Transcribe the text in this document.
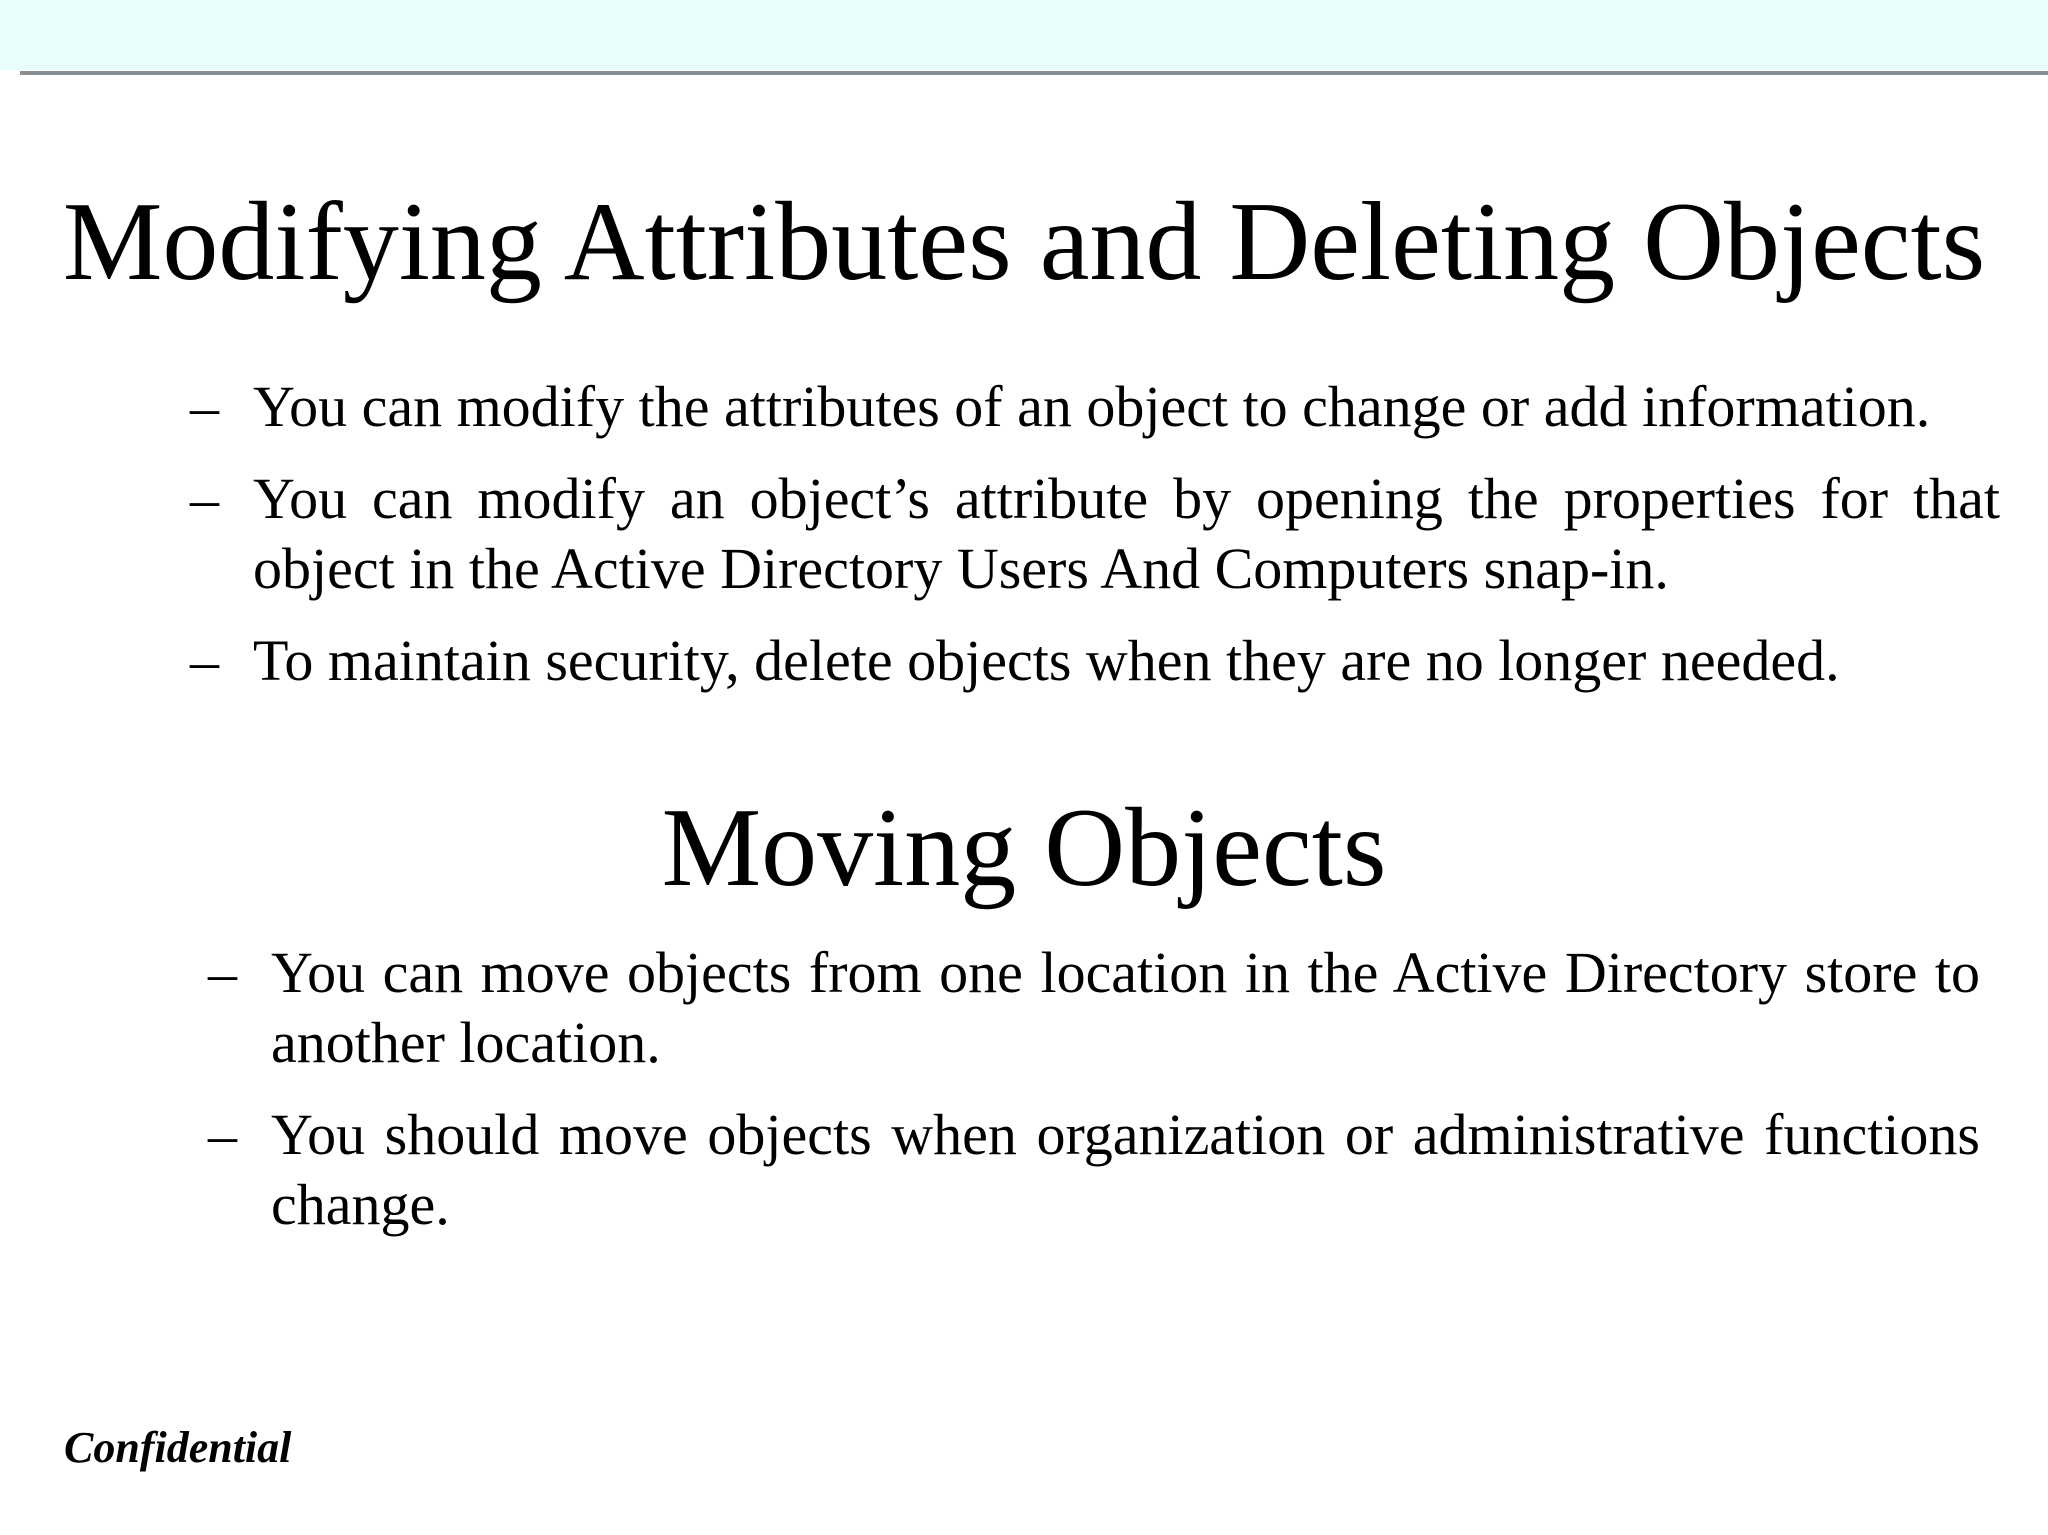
Modifying Attributes and Deleting Objects
– You can modify the attributes of an object to change or add information.
– You can modify an object’s attribute by opening the properties for that object in the Active Directory Users And Computers snap-in.
– To maintain security, delete objects when they are no longer needed.
Moving Objects
– You can move objects from one location in the Active Directory store to another location.
– You should move objects when organization or administrative functions change.
Confidential
